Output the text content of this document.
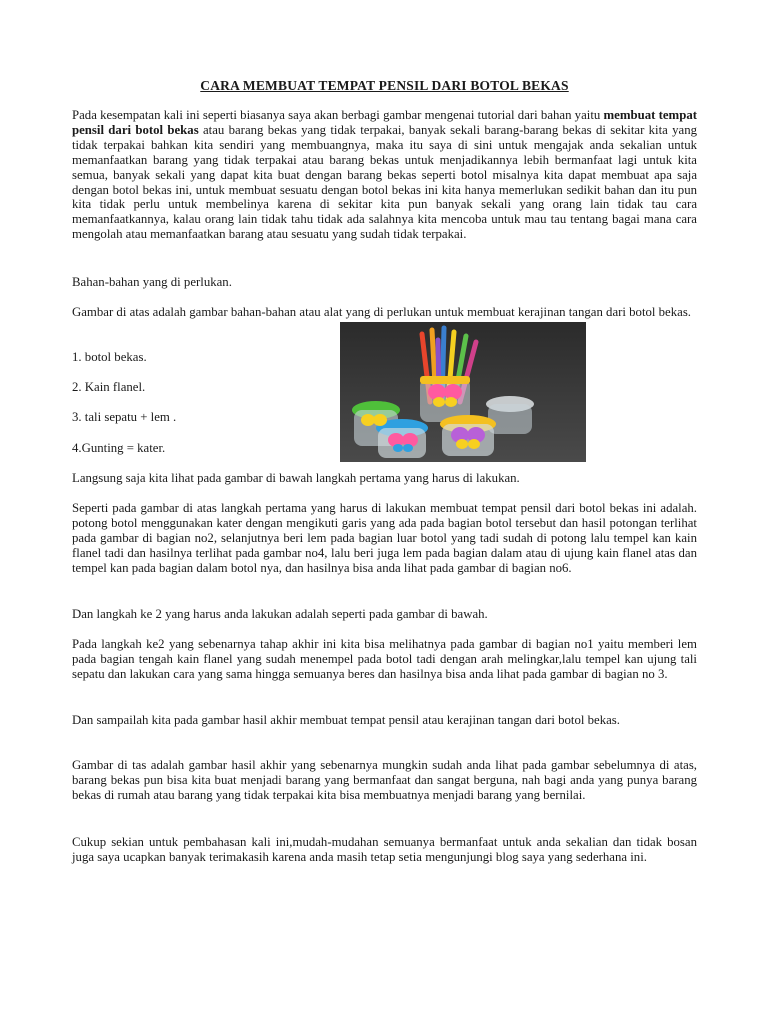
CARA MEMBUAT TEMPAT PENSIL DARI BOTOL BEKAS

Pada kesempatan kali ini seperti biasanya saya akan berbagi gambar mengenai tutorial dari bahan yaitu membuat tempat pensil dari botol bekas atau barang bekas yang tidak terpakai, banyak sekali barang-barang bekas di sekitar kita yang tidak terpakai bahkan kita sendiri yang membuangnya, maka itu saya di sini untuk mengajak anda sekalian untuk memanfaatkan barang yang tidak terpakai atau barang bekas untuk menjadikannya lebih bermanfaat lagi untuk kita semua, banyak sekali yang dapat kita buat dengan barang bekas seperti botol misalnya kita dapat membuat apa saja dengan botol bekas ini, untuk membuat sesuatu dengan botol bekas ini kita hanya memerlukan sedikit bahan dan itu pun kita tidak perlu untuk membelinya karena di sekitar kita pun banyak sekali yang orang lain tidak tau cara memanfaatkannya, kalau orang lain tidak tahu tidak ada salahnya kita mencoba untuk mau tau tentang bagai mana cara mengolah atau memanfaatkan barang atau sesuatu yang sudah tidak terpakai.

Bahan-bahan yang di perlukan.

Gambar di atas adalah gambar bahan-bahan atau alat yang di perlukan untuk membuat kerajinan tangan dari botol bekas.

1. botol bekas.

2. Kain flanel.

3. tali sepatu + lem .

4.Gunting = kater.

Langsung saja kita lihat pada gambar di bawah langkah pertama yang harus di lakukan.

Seperti pada gambar di atas langkah pertama yang harus di lakukan membuat tempat pensil dari botol bekas ini adalah. potong botol menggunakan kater dengan mengikuti garis yang ada pada bagian botol tersebut dan hasil potongan terlihat pada gambar di bagian no2, selanjutnya beri lem pada bagian luar botol yang tadi sudah di potong lalu tempel kan kain flanel tadi dan hasilnya terlihat pada gambar no4, lalu beri juga lem pada bagian dalam atau di ujung kain flanel atas dan tempel kan pada bagian dalam botol nya, dan hasilnya bisa anda lihat pada gambar di bagian no6.

Dan langkah ke 2 yang harus anda lakukan adalah seperti pada gambar di bawah.

Pada langkah ke2 yang sebenarnya tahap akhir ini kita bisa melihatnya pada gambar di bagian no1 yaitu memberi lem pada bagian tengah kain flanel yang sudah menempel pada botol tadi dengan arah melingkar,lalu tempel kan ujung tali sepatu dan lakukan cara yang sama hingga semuanya beres dan hasilnya bisa anda lihat pada gambar di bagian no 3.

Dan sampailah kita pada gambar hasil akhir membuat tempat pensil atau kerajinan tangan dari botol bekas.

Gambar di tas adalah gambar hasil akhir yang sebenarnya mungkin sudah anda lihat pada gambar sebelumnya di atas, barang bekas pun bisa kita buat menjadi barang yang bermanfaat dan sangat berguna, nah bagi anda yang punya barang bekas di rumah atau barang yang tidak terpakai kita bisa membuatnya menjadi barang yang bernilai.

Cukup sekian untuk pembahasan kali ini,mudah-mudahan semuanya bermanfaat untuk anda sekalian dan tidak bosan juga saya ucapkan banyak terimakasih karena anda masih tetap setia mengunjungi blog saya yang sederhana ini.
